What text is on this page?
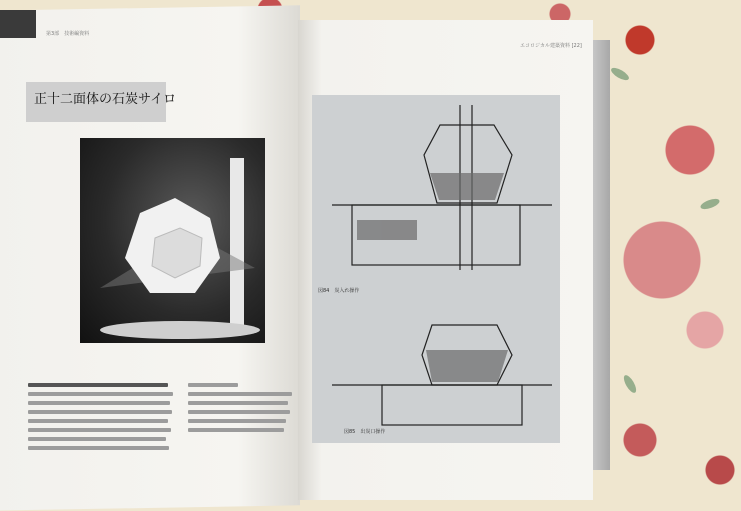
第3部　技術編資料
正十二面体の石炭サイロ
エコロジカル建築資料 [22]
図84　炭入れ操作
図85　出炭口操作
